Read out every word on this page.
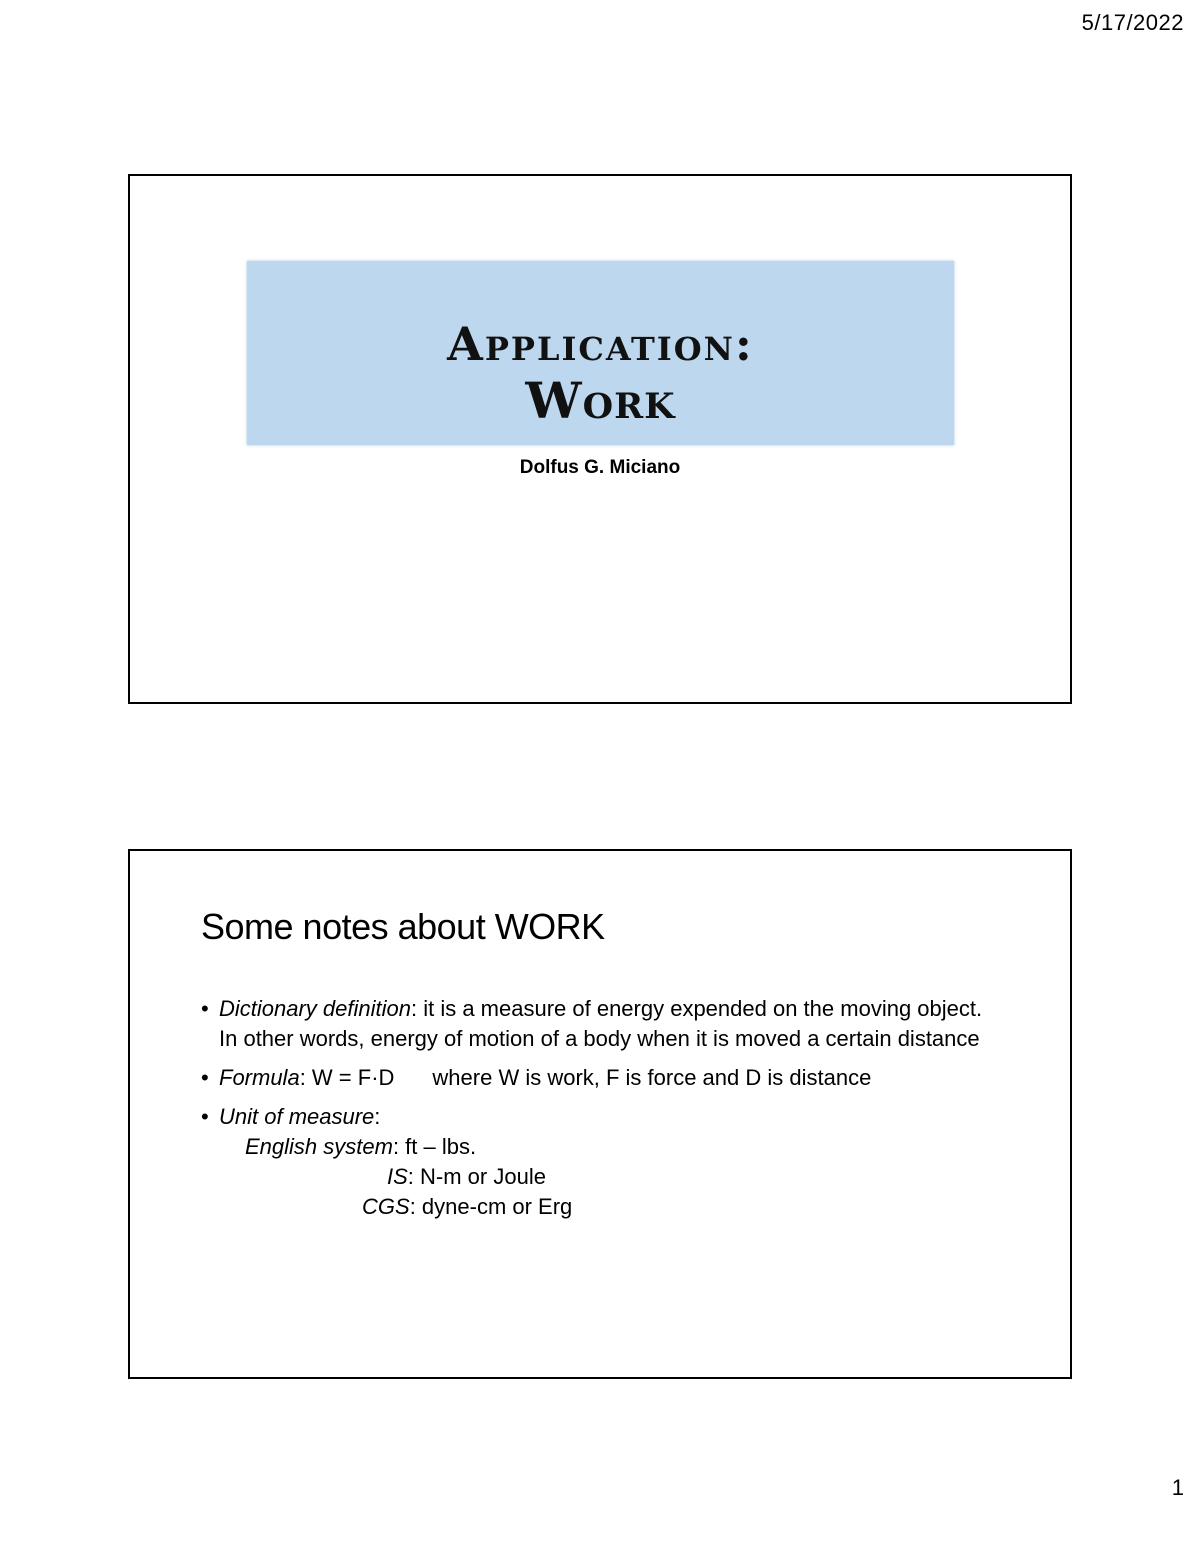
5/17/2022
Application:
Work
Dolfus G. Miciano
Some notes about WORK
• Dictionary definition: it is a measure of energy expended on the moving object. In other words, energy of motion of a body when it is moved a certain distance
• Formula: W = F·D where W is work, F is force and D is distance
• Unit of measure:
English system: ft – lbs.
IS: N-m or Joule
CGS: dyne-cm or Erg
1
